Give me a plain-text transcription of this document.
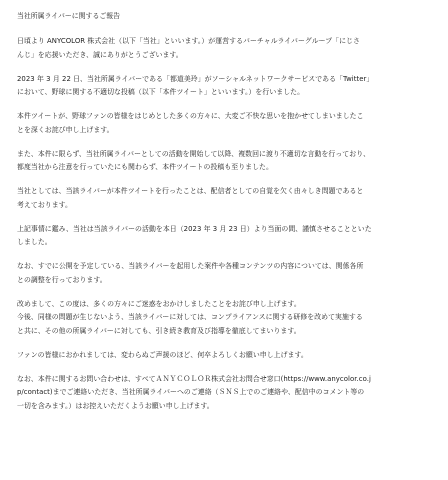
当社所属ライバーに関するご報告
日頃より ANYCOLOR 株式会社（以下「当社」といいます。）が運営するバーチャルライバーグループ「にじさ
んじ」を応援いただき、誠にありがとうございます。
2023 年 3 月 22 日、当社所属ライバーである「都道美玲」がソーシャルネットワークサービスである「Twitter」
において、野球に関する不適切な投稿（以下「本件ツイート」といいます。）を行いました。
本件ツイートが、野球ファンの皆様をはじめとした多くの方々に、大変ご不快な思いを抱かせてしまいましたこ
とを深くお詫び申し上げます。
また、本件に限らず、当社所属ライバーとしての活動を開始して以降、複数回に渡り不適切な言動を行っており、
都度当社から注意を行っていたにも関わらず、本件ツイートの投稿も至りました。
当社としては、当該ライバーが本件ツイートを行ったことは、配信者としての自覚を欠く由々しき問題であると
考えております。
上記事情に鑑み、当社は当該ライバーの活動を本日（2023 年 3 月 23 日）より当面の間、謹慎させることといた
しました。
なお、すでに公開を予定している、当該ライバーを起用した案件や各種コンテンツの内容については、関係各所
との調整を行っております。
改めまして、この度は、多くの方々にご迷惑をおかけしましたことをお詫び申し上げます。
今後、同様の問題が生じないよう、当該ライバーに対しては、コンプライアンスに関する研修を改めて実施する
と共に、その他の所属ライバーに対しても、引き続き教育及び指導を徹底してまいります。
ファンの皆様におかれましては、変わらぬご声援のほど、何卒よろしくお願い申し上げます。
なお、本件に関するお問い合わせは、すべてＡＮＹＣＯＬＯＲ株式会社お問合せ窓口(https://www.anycolor.co.j
p/contact)までご連絡いただき、当社所属ライバーへのご連絡（ＳＮＳ上でのご連絡や、配信中のコメント等の
一切を含みます。）はお控えいただくようお願い申し上げます。
